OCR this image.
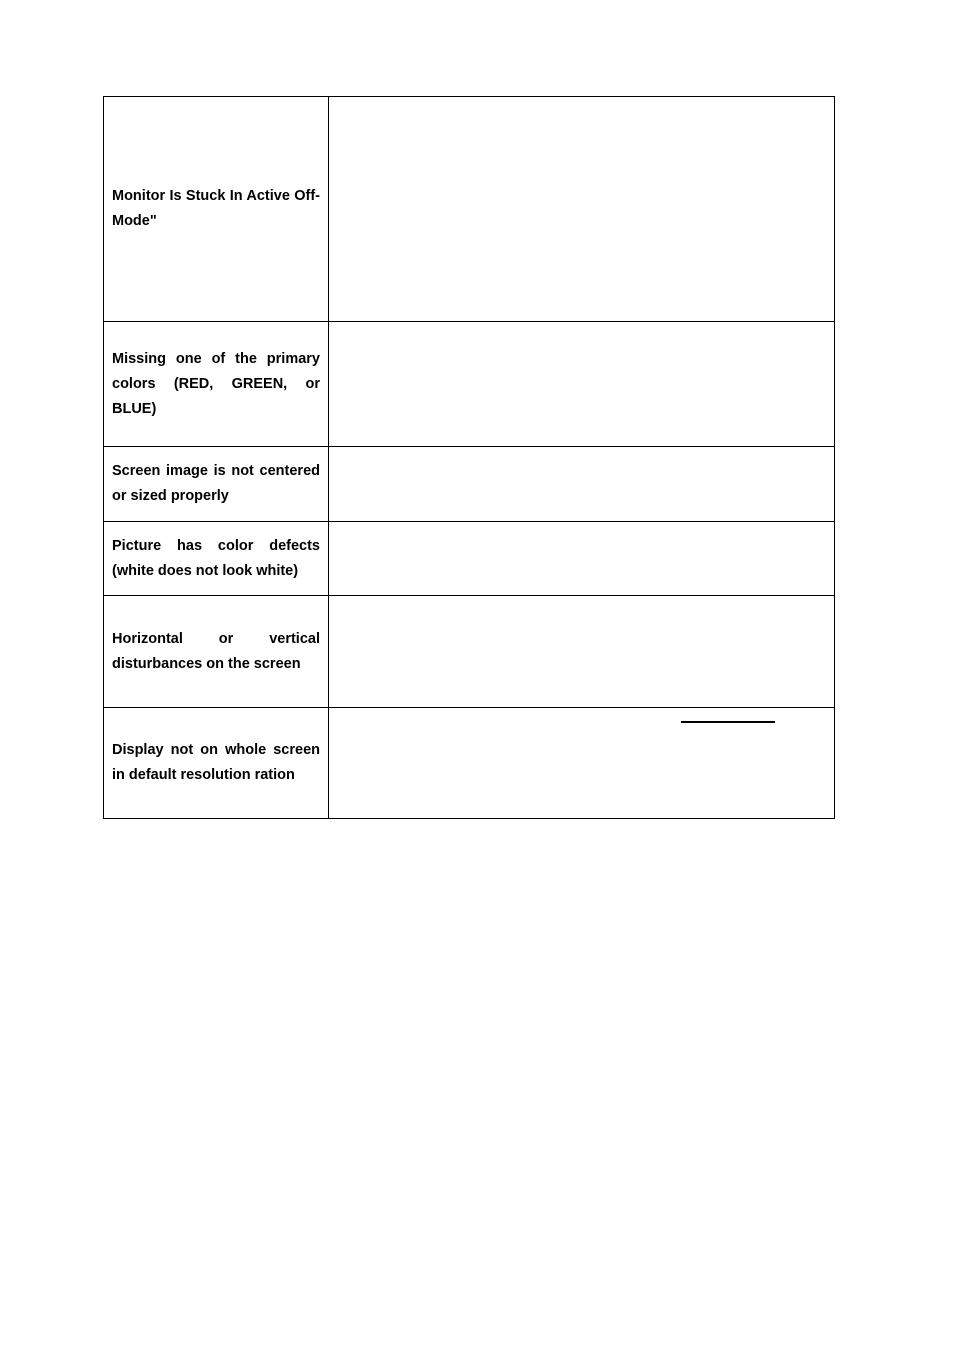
Monitor Is Stuck In Active Off-Mode"	

Missing one of the primary colors (RED, GREEN, or BLUE)	

Screen image is not centered or sized properly	

Picture has color defects (white does not look white)	

Horizontal or vertical disturbances on the screen	

Display not on whole screen in default resolution ration	
